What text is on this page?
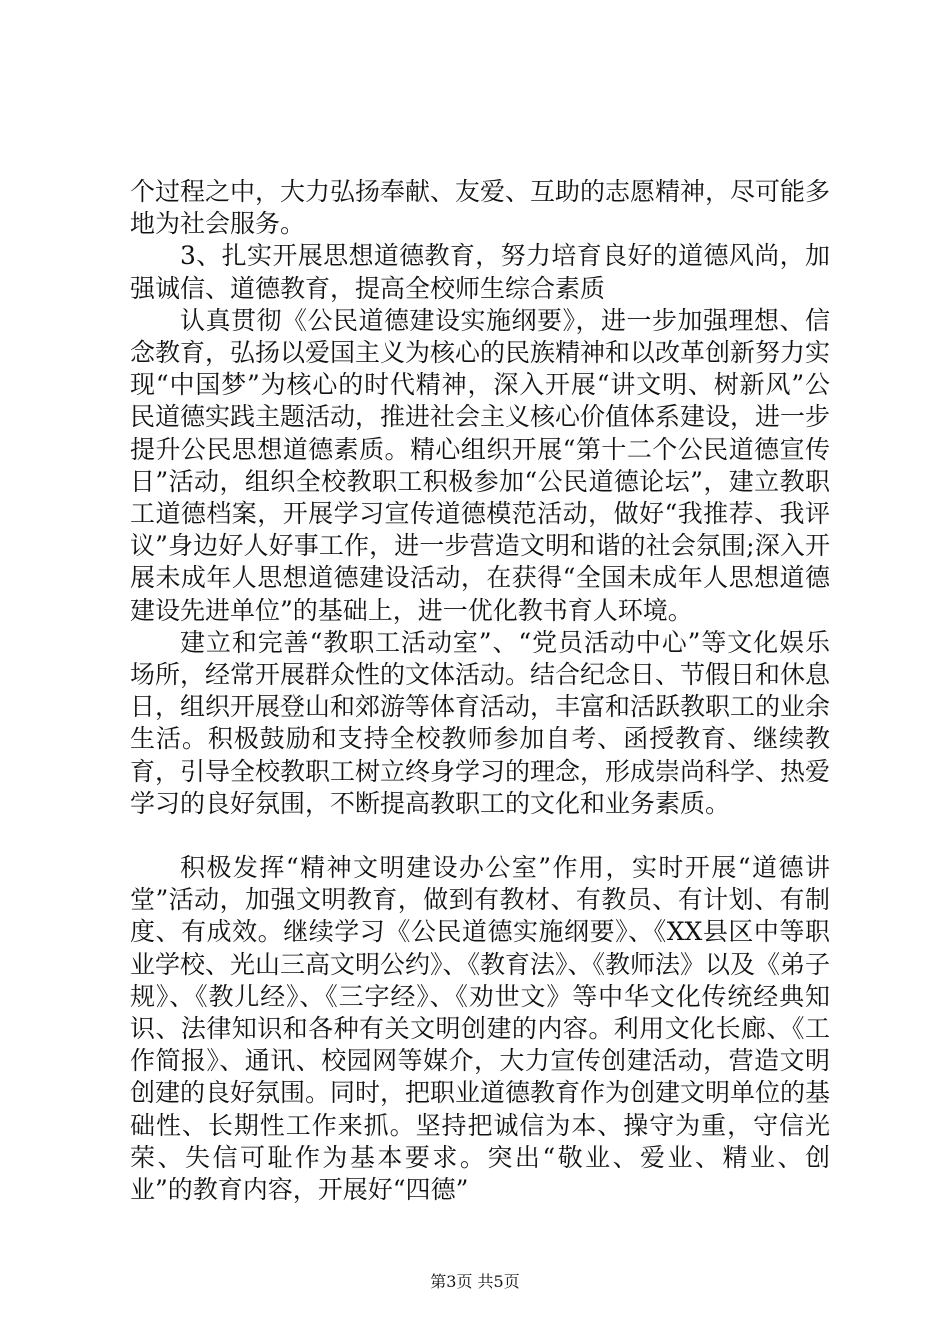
个过程之中，大力弘扬奉献、友爱、互助的志愿精神，尽可能多地为社会服务。

3、扎实开展思想道德教育，努力培育良好的道德风尚，加强诚信、道德教育，提高全校师生综合素质

认真贯彻《公民道德建设实施纲要》，进一步加强理想、信念教育，弘扬以爱国主义为核心的民族精神和以改革创新努力实现“中国梦”为核心的时代精神，深入开展“讲文明、树新风”公民道德实践主题活动，推进社会主义核心价值体系建设，进一步提升公民思想道德素质。精心组织开展“第十二个公民道德宣传日”活动，组织全校教职工积极参加“公民道德论坛”，建立教职工道德档案，开展学习宣传道德模范活动，做好“我推荐、我评议”身边好人好事工作，进一步营造文明和谐的社会氛围;深入开展未成年人思想道德建设活动，在获得“全国未成年人思想道德建设先进单位”的基础上，进一优化教书育人环境。

建立和完善“教职工活动室”、“党员活动中心”等文化娱乐场所，经常开展群众性的文体活动。结合纪念日、节假日和休息日，组织开展登山和郊游等体育活动，丰富和活跃教职工的业余生活。积极鼓励和支持全校教师参加自考、函授教育、继续教育，引导全校教职工树立终身学习的理念，形成崇尚科学、热爱学习的良好氛围，不断提高教职工的文化和业务素质。

积极发挥“精神文明建设办公室”作用，实时开展“道德讲堂”活动，加强文明教育，做到有教材、有教员、有计划、有制度、有成效。继续学习《公民道德实施纲要》、《XX县区中等职业学校、光山三高文明公约》、《教育法》、《教师法》以及《弟子规》、《教儿经》、《三字经》、《劝世文》等中华文化传统经典知识、法律知识和各种有关文明创建的内容。利用文化长廊、《工作简报》、通讯、校园网等媒介，大力宣传创建活动，营造文明创建的良好氛围。同时，把职业道德教育作为创建文明单位的基础性、长期性工作来抓。坚持把诚信为本、操守为重，守信光荣、失信可耻作为基本要求。突出“敬业、爱业、精业、创业”的教育内容，开展好“四德”

第3页 共5页
